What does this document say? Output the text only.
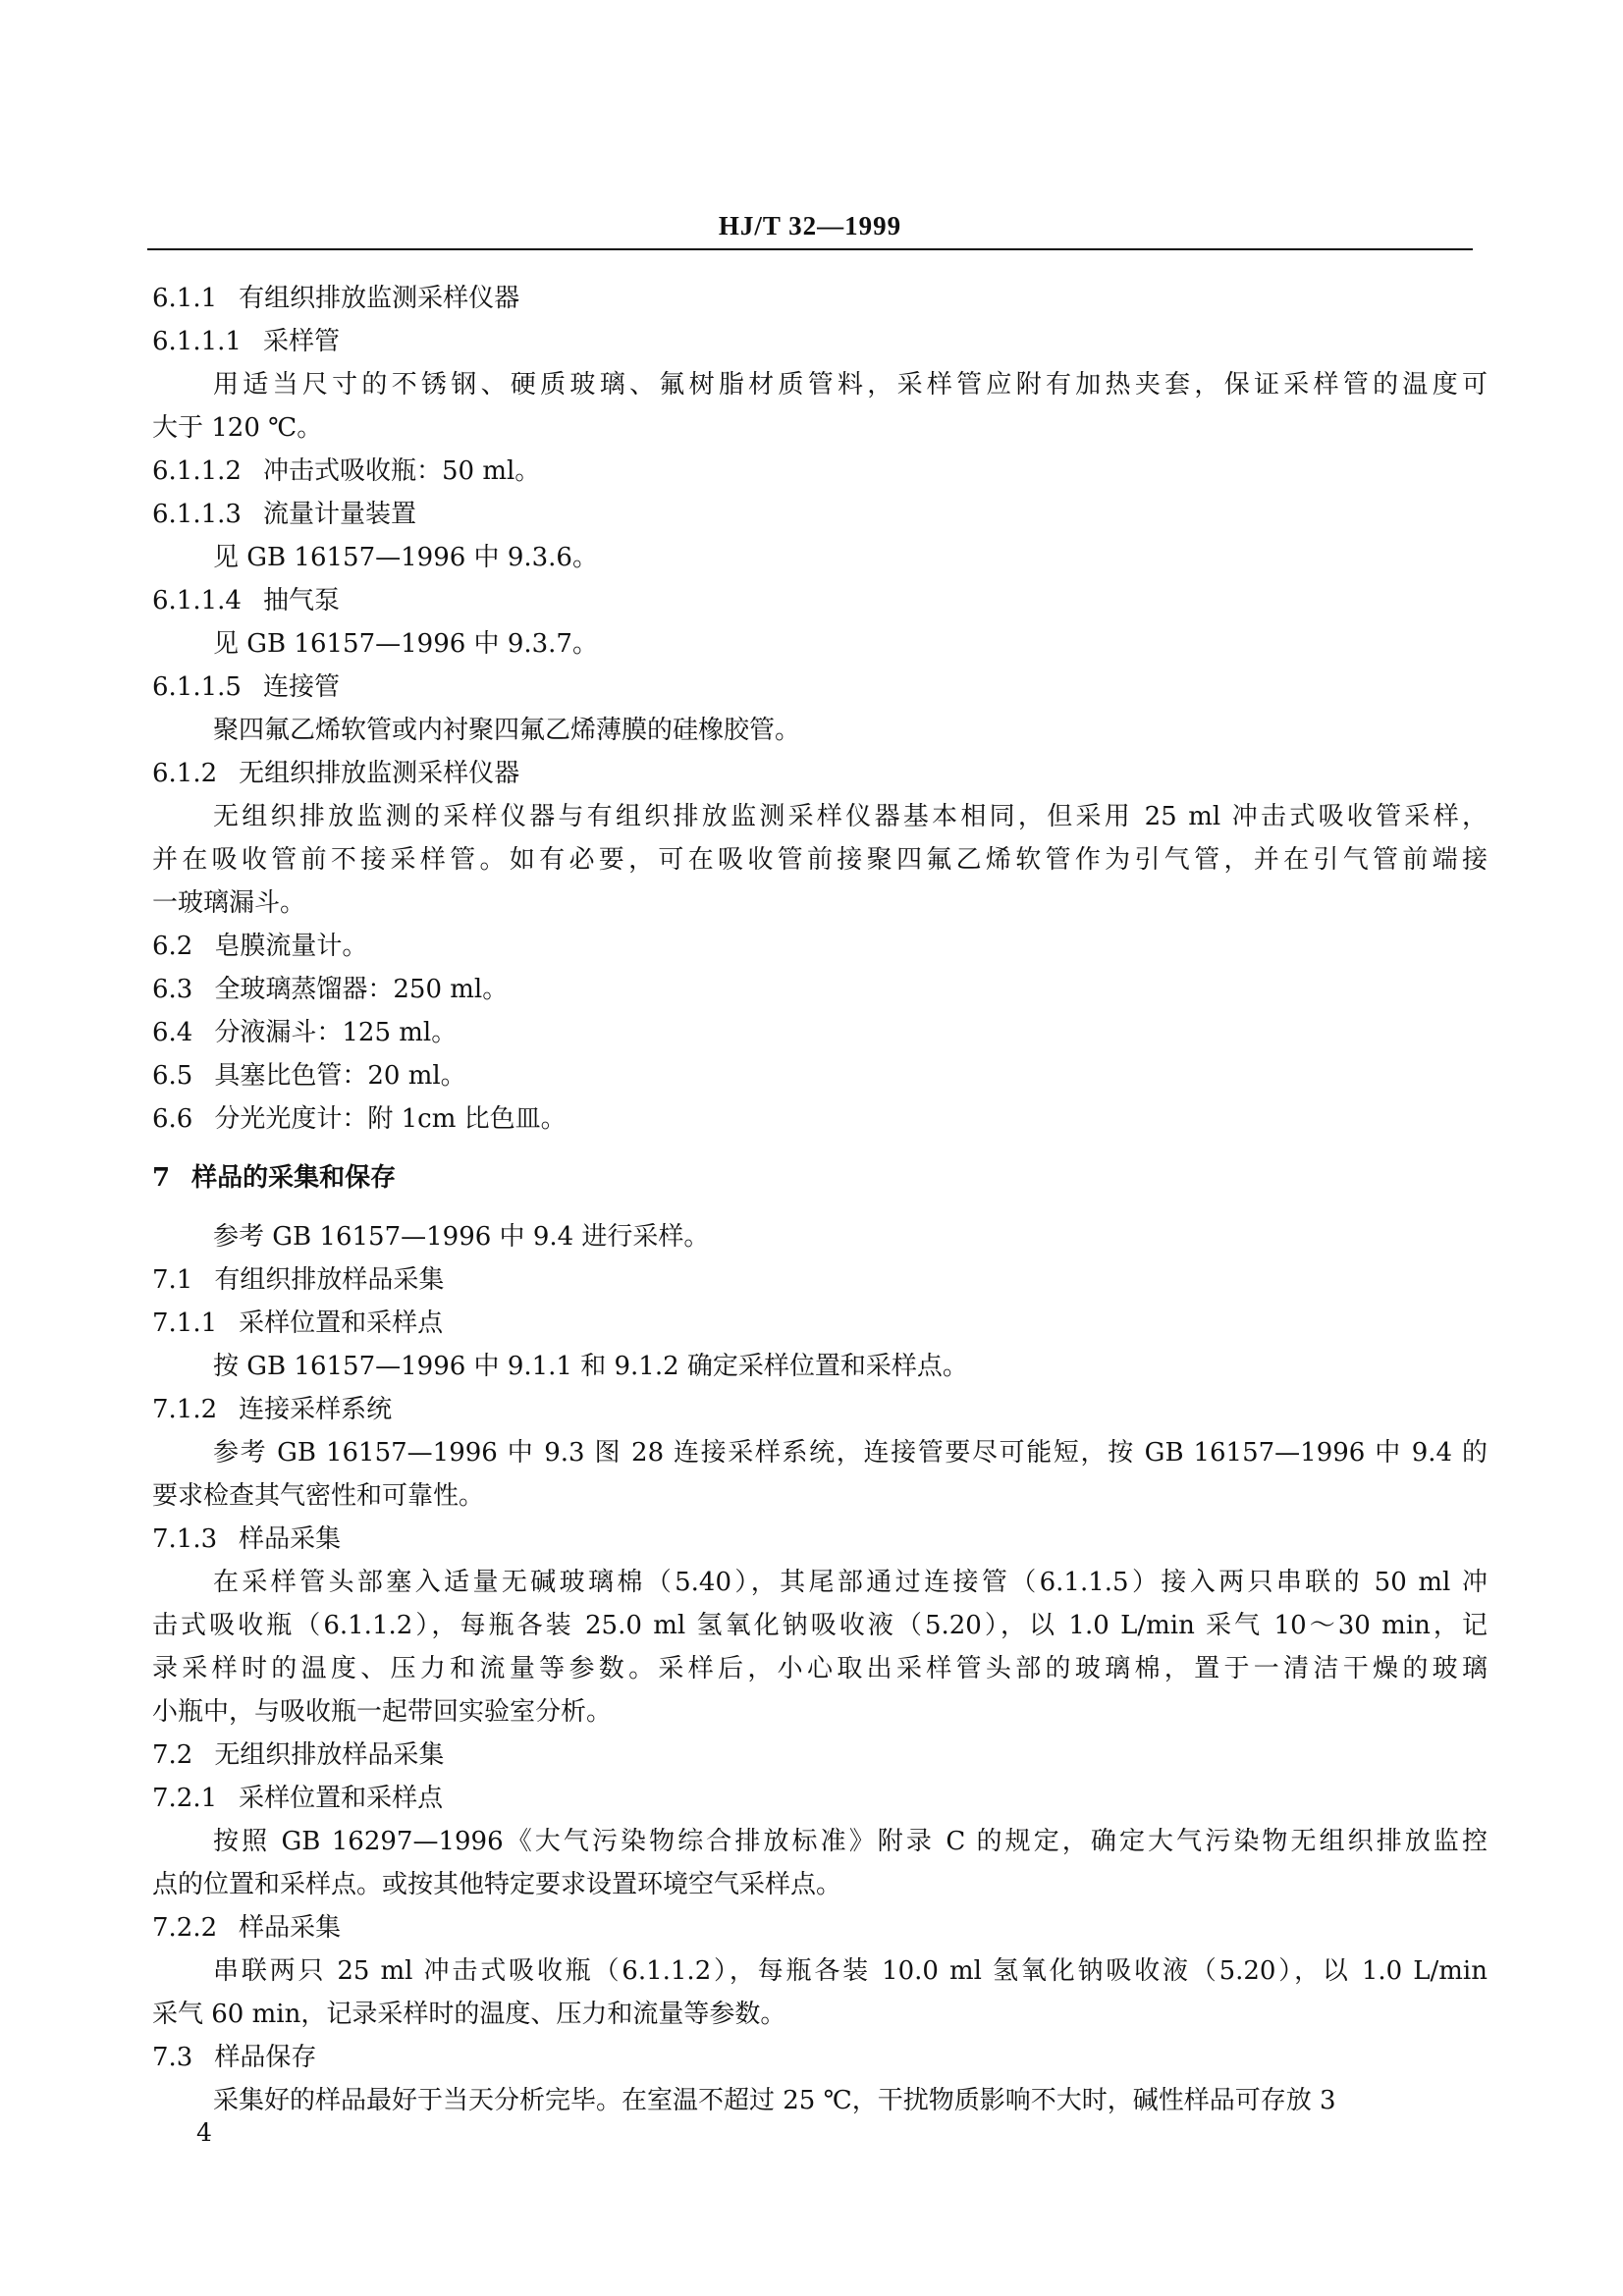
HJ/T 32—1999
6.1.1 有组织排放监测采样仪器
6.1.1.1 采样管
用适当尺寸的不锈钢、硬质玻璃、氟树脂材质管料，采样管应附有加热夹套，保证采样管的温度可
大于 120 ℃。
6.1.1.2 冲击式吸收瓶：50 ml。
6.1.1.3 流量计量装置
见 GB 16157—1996 中 9.3.6。
6.1.1.4 抽气泵
见 GB 16157—1996 中 9.3.7。
6.1.1.5 连接管
聚四氟乙烯软管或内衬聚四氟乙烯薄膜的硅橡胶管。
6.1.2 无组织排放监测采样仪器
无组织排放监测的采样仪器与有组织排放监测采样仪器基本相同，但采用 25 ml 冲击式吸收管采样，
并在吸收管前不接采样管。如有必要，可在吸收管前接聚四氟乙烯软管作为引气管，并在引气管前端接
一玻璃漏斗。
6.2 皂膜流量计。
6.3 全玻璃蒸馏器：250 ml。
6.4 分液漏斗：125 ml。
6.5 具塞比色管：20 ml。
6.6 分光光度计：附 1cm 比色皿。
7 样品的采集和保存
参考 GB 16157—1996 中 9.4 进行采样。
7.1 有组织排放样品采集
7.1.1 采样位置和采样点
按 GB 16157—1996 中 9.1.1 和 9.1.2 确定采样位置和采样点。
7.1.2 连接采样系统
参考 GB 16157—1996 中 9.3 图 28 连接采样系统，连接管要尽可能短，按 GB 16157—1996 中 9.4 的
要求检查其气密性和可靠性。
7.1.3 样品采集
在采样管头部塞入适量无碱玻璃棉（5.40），其尾部通过连接管（6.1.1.5）接入两只串联的 50 ml 冲
击式吸收瓶（6.1.1.2），每瓶各装 25.0 ml 氢氧化钠吸收液（5.20），以 1.0 L/min 采气 10～30 min，记
录采样时的温度、压力和流量等参数。采样后，小心取出采样管头部的玻璃棉，置于一清洁干燥的玻璃
小瓶中，与吸收瓶一起带回实验室分析。
7.2 无组织排放样品采集
7.2.1 采样位置和采样点
按照 GB 16297—1996《大气污染物综合排放标准》附录 C 的规定，确定大气污染物无组织排放监控
点的位置和采样点。或按其他特定要求设置环境空气采样点。
7.2.2 样品采集
串联两只 25 ml 冲击式吸收瓶（6.1.1.2），每瓶各装 10.0 ml 氢氧化钠吸收液（5.20），以 1.0 L/min
采气 60 min，记录采样时的温度、压力和流量等参数。
7.3 样品保存
采集好的样品最好于当天分析完毕。在室温不超过 25 ℃，干扰物质影响不大时，碱性样品可存放 3
4
